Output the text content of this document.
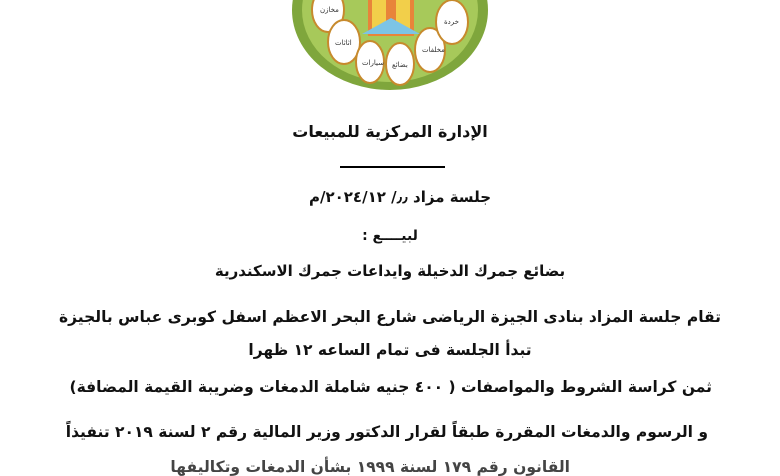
مخازن
اثاثات
سيارات بضائع
مخلفات
خردة
الإدارة المركزية للمبيعات
جلسة مزاد ٫٫/ ٢٠٢٤/١٢/م
لبيــــع :
بضائع جمرك الدخيلة وايداعات جمرك الاسكندرية
تقام جلسة المزاد بنادى الجيزة الرياضى شارع البحر الاعظم اسفل كوبرى عباس بالجيزة
تبدأ الجلسة فى تمام الساعه ١٢ ظهرا
ثمن كراسة الشروط والمواصفات ( ٤٠٠ جنيه شاملة الدمغات وضريبة القيمة المضافة)
و الرسوم والدمغات المقررة طبقاً لقرار الدكتور وزير المالية رقم ٢ لسنة ٢٠١٩ تنفيذاً
القانون رقم ١٧٩ لسنة ١٩٩٩ بشأن الدمغات وتكاليفها
